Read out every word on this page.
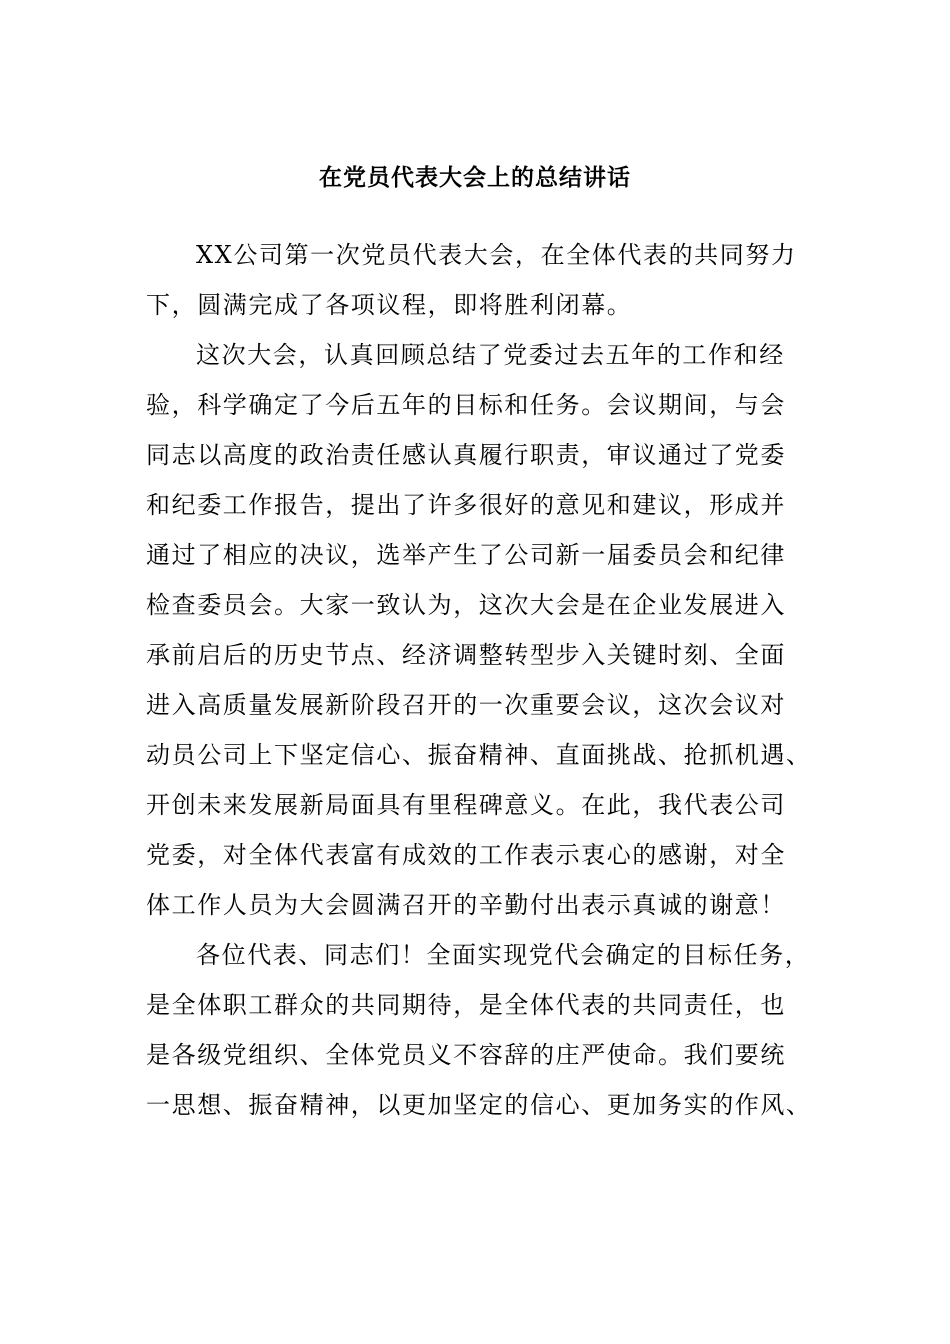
在党员代表大会上的总结讲话
XX公司第一次党员代表大会，在全体代表的共同努力
下，圆满完成了各项议程，即将胜利闭幕。
这次大会，认真回顾总结了党委过去五年的工作和经
验，科学确定了今后五年的目标和任务。会议期间，与会
同志以高度的政治责任感认真履行职责，审议通过了党委
和纪委工作报告，提出了许多很好的意见和建议，形成并
通过了相应的决议，选举产生了公司新一届委员会和纪律
检查委员会。大家一致认为，这次大会是在企业发展进入
承前启后的历史节点、经济调整转型步入关键时刻、全面
进入高质量发展新阶段召开的一次重要会议，这次会议对
动员公司上下坚定信心、振奋精神、直面挑战、抢抓机遇、
开创未来发展新局面具有里程碑意义。在此，我代表公司
党委，对全体代表富有成效的工作表示衷心的感谢，对全
体工作人员为大会圆满召开的辛勤付出表示真诚的谢意！
各位代表、同志们！全面实现党代会确定的目标任务，
是全体职工群众的共同期待，是全体代表的共同责任，也
是各级党组织、全体党员义不容辞的庄严使命。我们要统
一思想、振奋精神，以更加坚定的信心、更加务实的作风、
